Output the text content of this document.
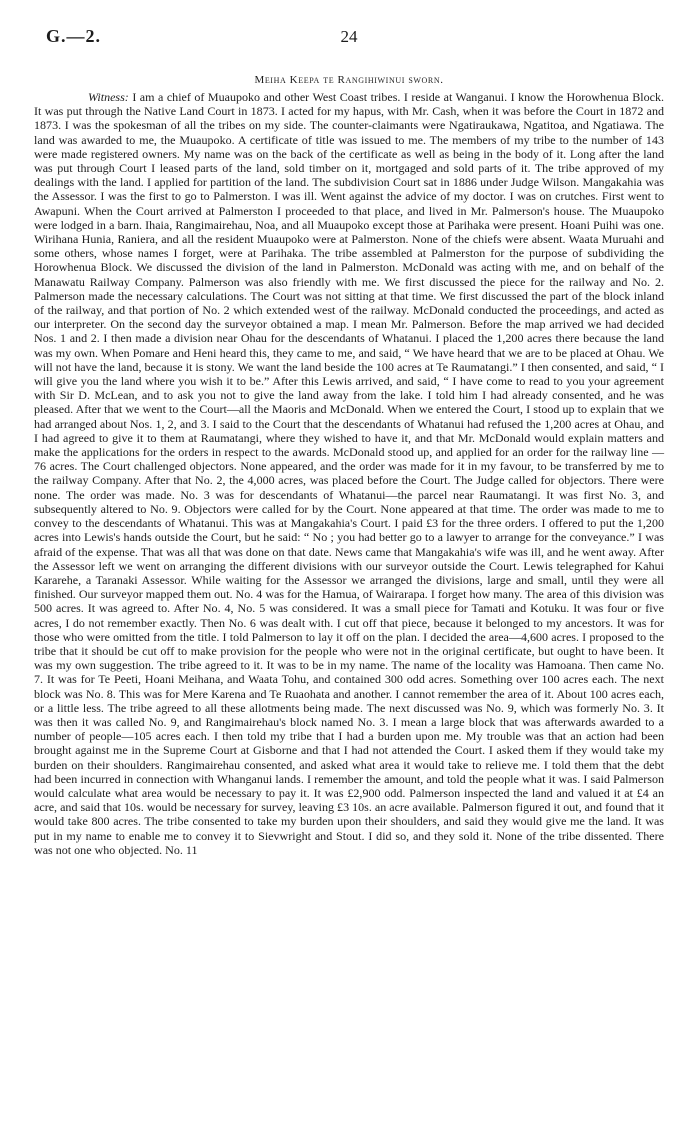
G.—2.	24
Meiha Keepa te Rangihiwinui sworn.

Witness: I am a chief of Muaupoko and other West Coast tribes. I reside at Wanganui. I know the Horowhenua Block. It was put through the Native Land Court in 1873. I acted for my hapus, with Mr. Cash, when it was before the Court in 1872 and 1873. I was the spokesman of all the tribes on my side. The counter-claimants were Ngatiraukawa, Ngatitoa, and Ngatiawa. The land was awarded to me, the Muaupoko. A certificate of title was issued to me. The members of my tribe to the number of 143 were made registered owners. My name was on the back of the certificate as well as being in the body of it. Long after the land was put through Court I leased parts of the land, sold timber on it, mortgaged and sold parts of it. The tribe approved of my dealings with the land. I applied for partition of the land. The subdivision Court sat in 1886 under Judge Wilson. Mangakahia was the Assessor. I was the first to go to Palmerston. I was ill. Went against the advice of my doctor. I was on crutches. First went to Awapuni. When the Court arrived at Palmerston I proceeded to that place, and lived in Mr. Palmerson's house. The Muaupoko were lodged in a barn. Ihaia, Rangimairehau, Noa, and all Muaupoko except those at Parihaka were present. Hoani Puihi was one. Wirihana Hunia, Raniera, and all the resident Muaupoko were at Palmerston. None of the chiefs were absent. Waata Muruahi and some others, whose names I forget, were at Parihaka. The tribe assembled at Palmerston for the purpose of subdividing the Horowhenua Block. We discussed the division of the land in Palmerston. McDonald was acting with me, and on behalf of the Manawatu Railway Company. Palmerson was also friendly with me. We first discussed the piece for the railway and No. 2. Palmerson made the necessary calculations. The Court was not sitting at that time. We first discussed the part of the block inland of the railway, and that portion of No. 2 which extended west of the railway. McDonald conducted the proceedings, and acted as our interpreter. On the second day the surveyor obtained a map. I mean Mr. Palmerson. Before the map arrived we had decided Nos. 1 and 2. I then made a division near Ohau for the descendants of Whatanui. I placed the 1,200 acres there because the land was my own. When Pomare and Heni heard this, they came to me, and said, “ We have heard that we are to be placed at Ohau. We will not have the land, because it is stony. We want the land beside the 100 acres at Te Raumatangi.” I then consented, and said, “ I will give you the land where you wish it to be.” After this Lewis arrived, and said, “ I have come to read to you your agreement with Sir D. McLean, and to ask you not to give the land away from the lake. I told him I had already consented, and he was pleased. After that we went to the Court—all the Maoris and McDonald. When we entered the Court, I stood up to explain that we had arranged about Nos. 1, 2, and 3. I said to the Court that the descendants of Whatanui had refused the 1,200 acres at Ohau, and I had agreed to give it to them at Raumatangi, where they wished to have it, and that Mr. McDonald would explain matters and make the applications for the orders in respect to the awards. McDonald stood up, and applied for an order for the railway line — 76 acres. The Court challenged objectors. None appeared, and the order was made for it in my favour, to be transferred by me to the railway Company. After that No. 2, the 4,000 acres, was placed before the Court. The Judge called for objectors. There were none. The order was made. No. 3 was for descendants of Whatanui—the parcel near Raumatangi. It was first No. 3, and subsequently altered to No. 9. Objectors were called for by the Court. None appeared at that time. The order was made to me to convey to the descendants of Whatanui. This was at Mangakahia's Court. I paid £3 for the three orders. I offered to put the 1,200 acres into Lewis's hands outside the Court, but he said: “ No ; you had better go to a lawyer to arrange for the conveyance.” I was afraid of the expense. That was all that was done on that date. News came that Mangakahia's wife was ill, and he went away. After the Assessor left we went on arranging the different divisions with our surveyor outside the Court. Lewis telegraphed for Kahui Kararehe, a Taranaki Assessor. While waiting for the Assessor we arranged the divisions, large and small, until they were all finished. Our surveyor mapped them out. No. 4 was for the Hamua, of Wairarapa. I forget how many. The area of this division was 500 acres. It was agreed to. After No. 4, No. 5 was considered. It was a small piece for Tamati and Kotuku. It was four or five acres, I do not remember exactly. Then No. 6 was dealt with. I cut off that piece, because it belonged to my ancestors. It was for those who were omitted from the title. I told Palmerson to lay it off on the plan. I decided the area—4,600 acres. I proposed to the tribe that it should be cut off to make provision for the people who were not in the original certificate, but ought to have been. It was my own suggestion. The tribe agreed to it. It was to be in my name. The name of the locality was Hamoana. Then came No. 7. It was for Te Peeti, Hoani Meihana, and Waata Tohu, and contained 300 odd acres. Something over 100 acres each. The next block was No. 8. This was for Mere Karena and Te Ruaohata and another. I cannot remember the area of it. About 100 acres each, or a little less. The tribe agreed to all these allotments being made. The next discussed was No. 9, which was formerly No. 3. It was then it was called No. 9, and Rangimairehau's block named No. 3. I mean a large block that was afterwards awarded to a number of people—105 acres each. I then told my tribe that I had a burden upon me. My trouble was that an action had been brought against me in the Supreme Court at Gisborne and that I had not attended the Court. I asked them if they would take my burden on their shoulders. Rangimairehau consented, and asked what area it would take to relieve me. I told them that the debt had been incurred in connection with Whanganui lands. I remember the amount, and told the people what it was. I said Palmerson would calculate what area would be necessary to pay it. It was £2,900 odd. Palmerson inspected the land and valued it at £4 an acre, and said that 10s. would be necessary for survey, leaving £3 10s. an acre available. Palmerson figured it out, and found that it would take 800 acres. The tribe consented to take my burden upon their shoulders, and said they would give me the land. It was put in my name to enable me to convey it to Sievwright and Stout. I did so, and they sold it. None of the tribe dissented. There was not one who objected. No. 11
